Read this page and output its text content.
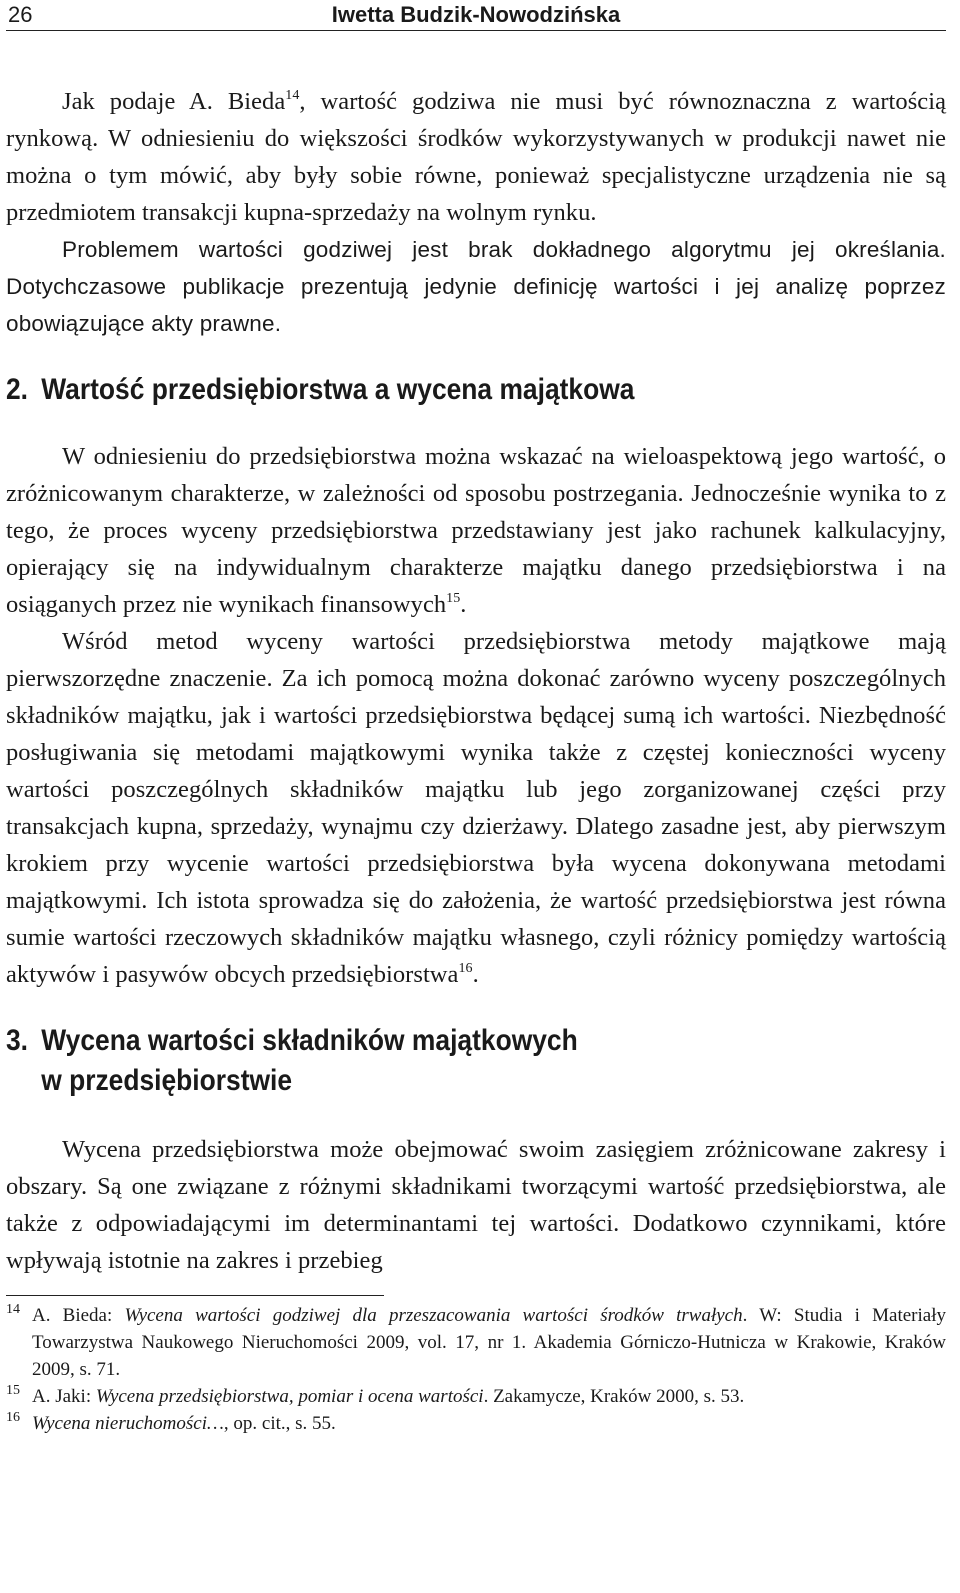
26	Iwetta Budzik-Nowodzińska

Jak podaje A. Bieda$^{14}$, wartość godziwa nie musi być równoznaczna z wartością rynkową. W odniesieniu do większości środków wykorzystywanych w produkcji nawet nie można o tym mówić, aby były sobie równe, ponieważ specjalistyczne urządzenia nie są przedmiotem transakcji kupna-sprzedaży na wolnym rynku.

Problemem wartości godziwej jest brak dokładnego algorytmu jej określania. Dotychczasowe publikacje prezentują jedynie definicję wartości i jej analizę poprzez obowiązujące akty prawne.

2. Wartość przedsiębiorstwa a wycena majątkowa

W odniesieniu do przedsiębiorstwa można wskazać na wieloaspektową jego wartość, o zróżnicowanym charakterze, w zależności od sposobu postrzegania. Jednocześnie wynika to z tego, że proces wyceny przedsiębiorstwa przedstawiany jest jako rachunek kalkulacyjny, opierający się na indywidualnym charakterze majątku danego przedsiębiorstwa i na osiąganych przez nie wynikach finansowych$^{15}$.

Wśród metod wyceny wartości przedsiębiorstwa metody majątkowe mają pierwszorzędne znaczenie. Za ich pomocą można dokonać zarówno wyceny poszczególnych składników majątku, jak i wartości przedsiębiorstwa będącej sumą ich wartości. Niezbędność posługiwania się metodami majątkowymi wynika także z częstej konieczności wyceny wartości poszczególnych składników majątku lub jego zorganizowanej części przy transakcjach kupna, sprzedaży, wynajmu czy dzierżawy. Dlatego zasadne jest, aby pierwszym krokiem przy wycenie wartości przedsiębiorstwa była wycena dokonywana metodami majątkowymi. Ich istota sprowadza się do założenia, że wartość przedsiębiorstwa jest równa sumie wartości rzeczowych składników majątku własnego, czyli różnicy pomiędzy wartością aktywów i pasywów obcych przedsiębiorstwa$^{16}$.

3. Wycena wartości składników majątkowych
w przedsiębiorstwie

Wycena przedsiębiorstwa może obejmować swoim zasięgiem zróżnicowane zakresy i obszary. Są one związane z różnymi składnikami tworzącymi wartość przedsiębiorstwa, ale także z odpowiadającymi im determinantami tej wartości. Dodatkowo czynnikami, które wpływają istotnie na zakres i przebieg

14 A. Bieda: Wycena wartości godziwej dla przeszacowania wartości środków trwałych. W: Studia i Materiały Towarzystwa Naukowego Nieruchomości 2009, vol. 17, nr 1. Akademia Górniczo-Hutnicza w Krakowie, Kraków 2009, s. 71.
15 A. Jaki: Wycena przedsiębiorstwa, pomiar i ocena wartości. Zakamycze, Kraków 2000, s. 53.
16 Wycena nieruchomości…, op. cit., s. 55.
